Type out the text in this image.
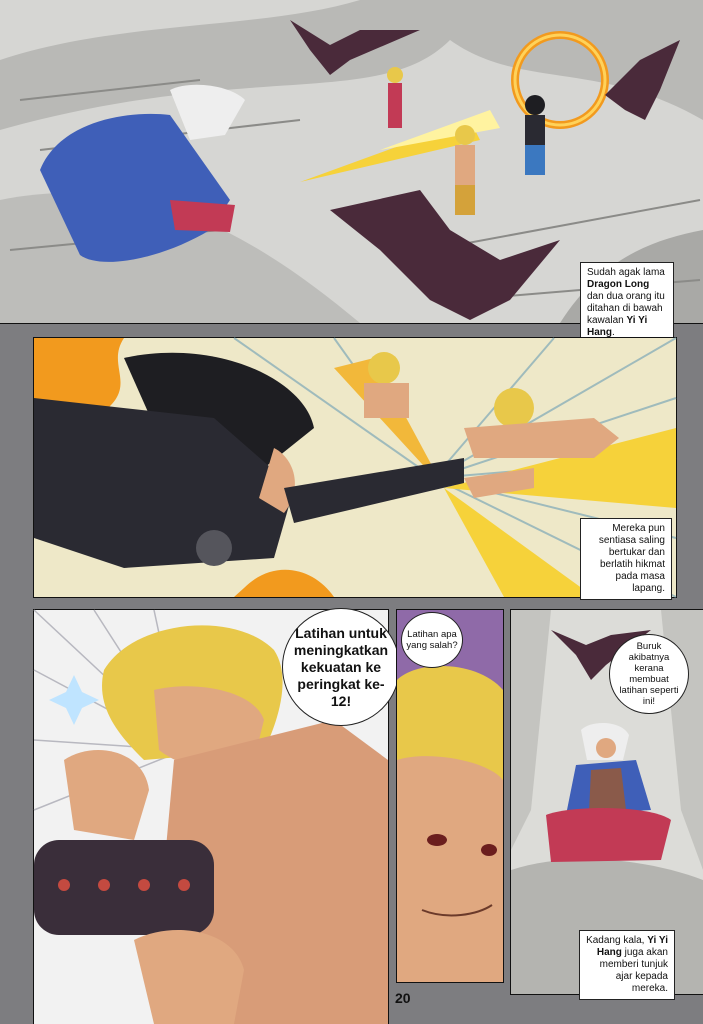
Sudah agak lama Dragon Long dan dua orang itu ditahan di bawah kawalan Yi Yi Hang.
Mereka pun sentiasa saling bertukar dan berlatih hikmat pada masa lapang.
Latihan untuk meningkatkan kekuatan ke peringkat ke-12!
Latihan apa yang salah?	Buruk akibatnya kerana membuat latihan seperti ini!
Kadang kala, Yi Yi Hang juga akan memberi tunjuk ajar kepada mereka.
20
